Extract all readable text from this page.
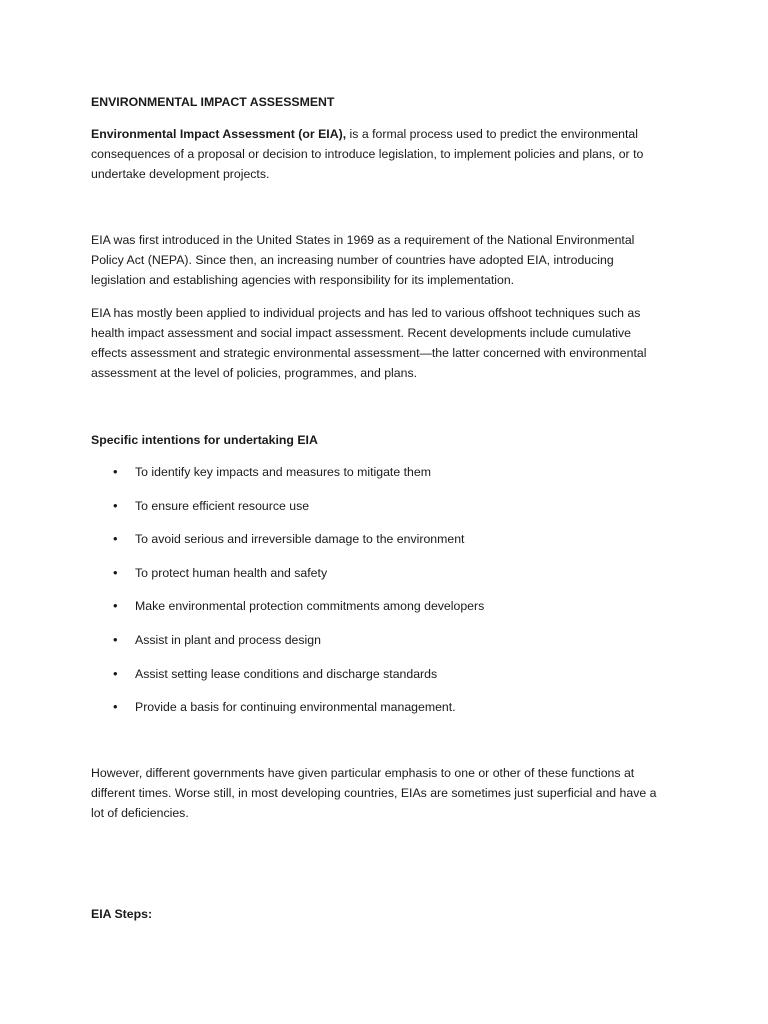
ENVIRONMENTAL IMPACT ASSESSMENT
Environmental Impact Assessment (or EIA), is a formal process used to predict the environmental
consequences of a proposal or decision to introduce legislation, to implement policies and plans, or to
undertake development projects.
EIA was first introduced in the United States in 1969 as a requirement of the National Environmental
Policy Act (NEPA). Since then, an increasing number of countries have adopted EIA, introducing
legislation and establishing agencies with responsibility for its implementation.
EIA has mostly been applied to individual projects and has led to various offshoot techniques such as
health impact assessment and social impact assessment. Recent developments include cumulative
effects assessment and strategic environmental assessment—the latter concerned with environmental
assessment at the level of policies, programmes, and plans.
Specific intentions for undertaking EIA
• To identify key impacts and measures to mitigate them
• To ensure efficient resource use
• To avoid serious and irreversible damage to the environment
• To protect human health and safety
• Make environmental protection commitments among developers
• Assist in plant and process design
• Assist setting lease conditions and discharge standards
• Provide a basis for continuing environmental management.
However, different governments have given particular emphasis to one or other of these functions at
different times. Worse still, in most developing countries, EIAs are sometimes just superficial and have a
lot of deficiencies.
EIA Steps:
